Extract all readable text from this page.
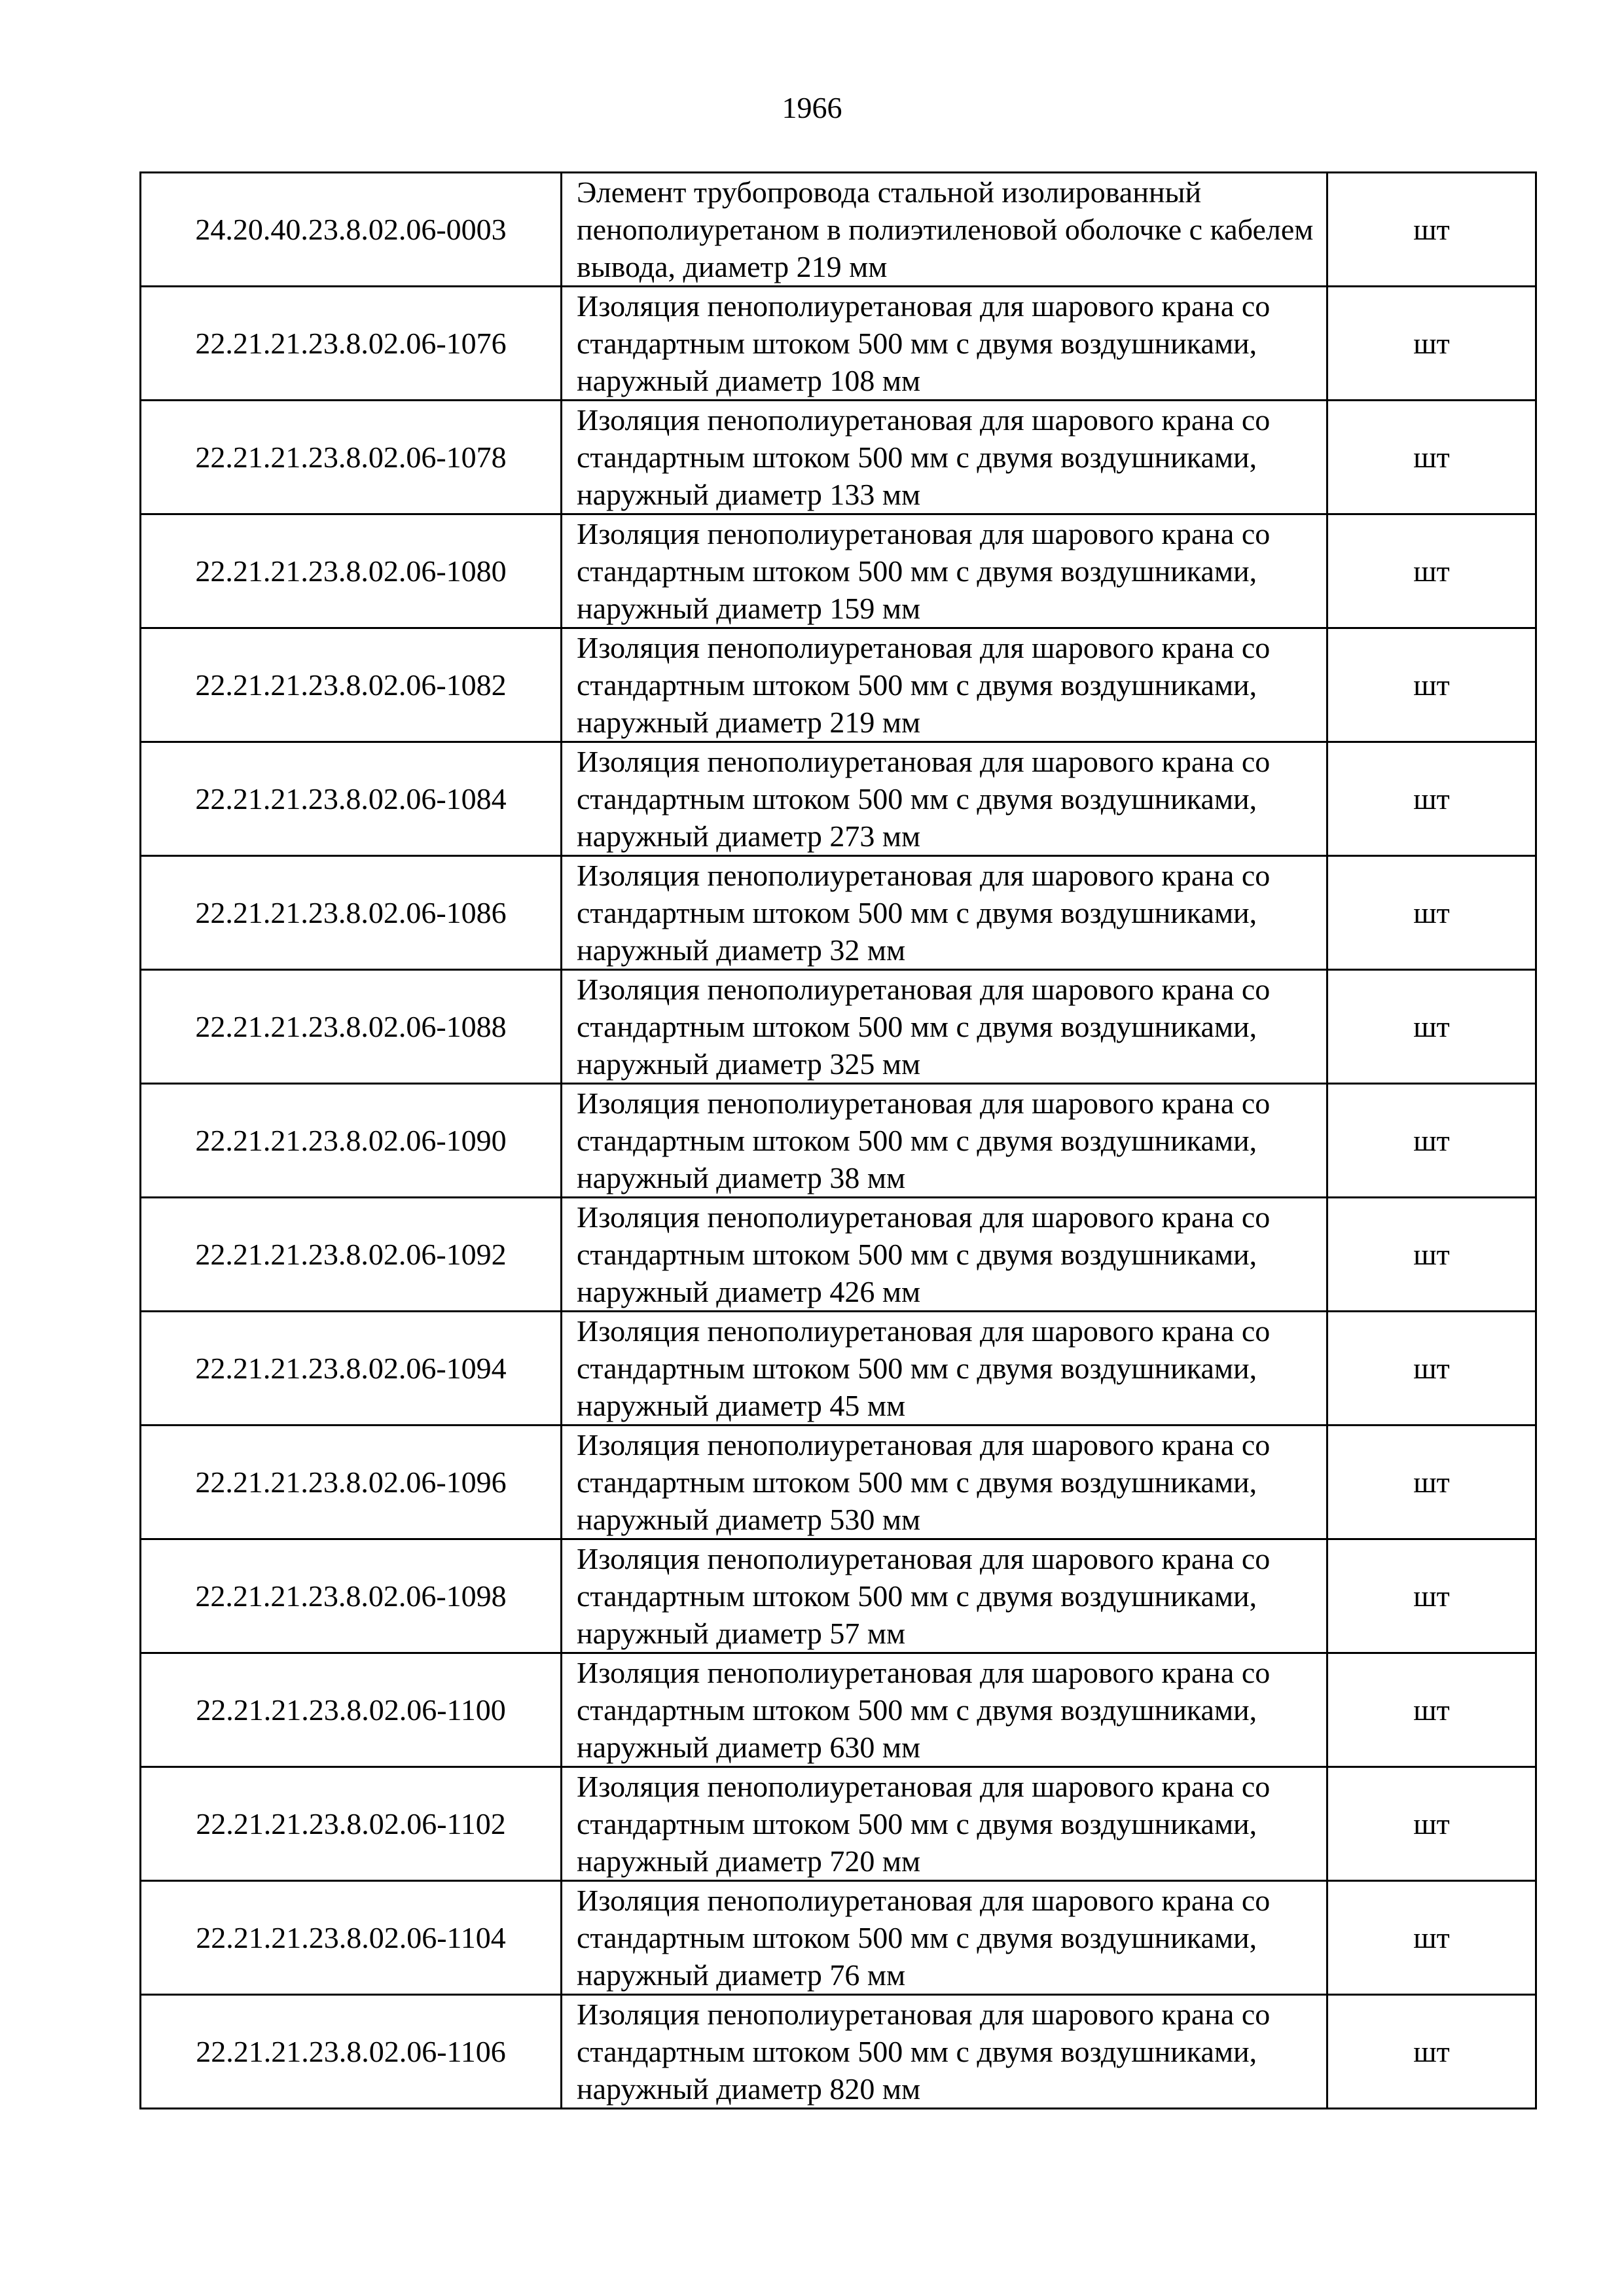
1966
24.20.40.23.8.02.06-0003	Элемент трубопровода стальной изолированный пенополиуретаном в полиэтиленовой оболочке с кабелем вывода, диаметр 219 мм	шт
22.21.21.23.8.02.06-1076	Изоляция пенополиуретановая для шарового крана со стандартным штоком 500 мм с двумя воздушниками, наружный диаметр 108 мм	шт
22.21.21.23.8.02.06-1078	Изоляция пенополиуретановая для шарового крана со стандартным штоком 500 мм с двумя воздушниками, наружный диаметр 133 мм	шт
22.21.21.23.8.02.06-1080	Изоляция пенополиуретановая для шарового крана со стандартным штоком 500 мм с двумя воздушниками, наружный диаметр 159 мм	шт
22.21.21.23.8.02.06-1082	Изоляция пенополиуретановая для шарового крана со стандартным штоком 500 мм с двумя воздушниками, наружный диаметр 219 мм	шт
22.21.21.23.8.02.06-1084	Изоляция пенополиуретановая для шарового крана со стандартным штоком 500 мм с двумя воздушниками, наружный диаметр 273 мм	шт
22.21.21.23.8.02.06-1086	Изоляция пенополиуретановая для шарового крана со стандартным штоком 500 мм с двумя воздушниками, наружный диаметр 32 мм	шт
22.21.21.23.8.02.06-1088	Изоляция пенополиуретановая для шарового крана со стандартным штоком 500 мм с двумя воздушниками, наружный диаметр 325 мм	шт
22.21.21.23.8.02.06-1090	Изоляция пенополиуретановая для шарового крана со стандартным штоком 500 мм с двумя воздушниками, наружный диаметр 38 мм	шт
22.21.21.23.8.02.06-1092	Изоляция пенополиуретановая для шарового крана со стандартным штоком 500 мм с двумя воздушниками, наружный диаметр 426 мм	шт
22.21.21.23.8.02.06-1094	Изоляция пенополиуретановая для шарового крана со стандартным штоком 500 мм с двумя воздушниками, наружный диаметр 45 мм	шт
22.21.21.23.8.02.06-1096	Изоляция пенополиуретановая для шарового крана со стандартным штоком 500 мм с двумя воздушниками, наружный диаметр 530 мм	шт
22.21.21.23.8.02.06-1098	Изоляция пенополиуретановая для шарового крана со стандартным штоком 500 мм с двумя воздушниками, наружный диаметр 57 мм	шт
22.21.21.23.8.02.06-1100	Изоляция пенополиуретановая для шарового крана со стандартным штоком 500 мм с двумя воздушниками, наружный диаметр 630 мм	шт
22.21.21.23.8.02.06-1102	Изоляция пенополиуретановая для шарового крана со стандартным штоком 500 мм с двумя воздушниками, наружный диаметр 720 мм	шт
22.21.21.23.8.02.06-1104	Изоляция пенополиуретановая для шарового крана со стандартным штоком 500 мм с двумя воздушниками, наружный диаметр 76 мм	шт
22.21.21.23.8.02.06-1106	Изоляция пенополиуретановая для шарового крана со стандартным штоком 500 мм с двумя воздушниками, наружный диаметр 820 мм	шт
